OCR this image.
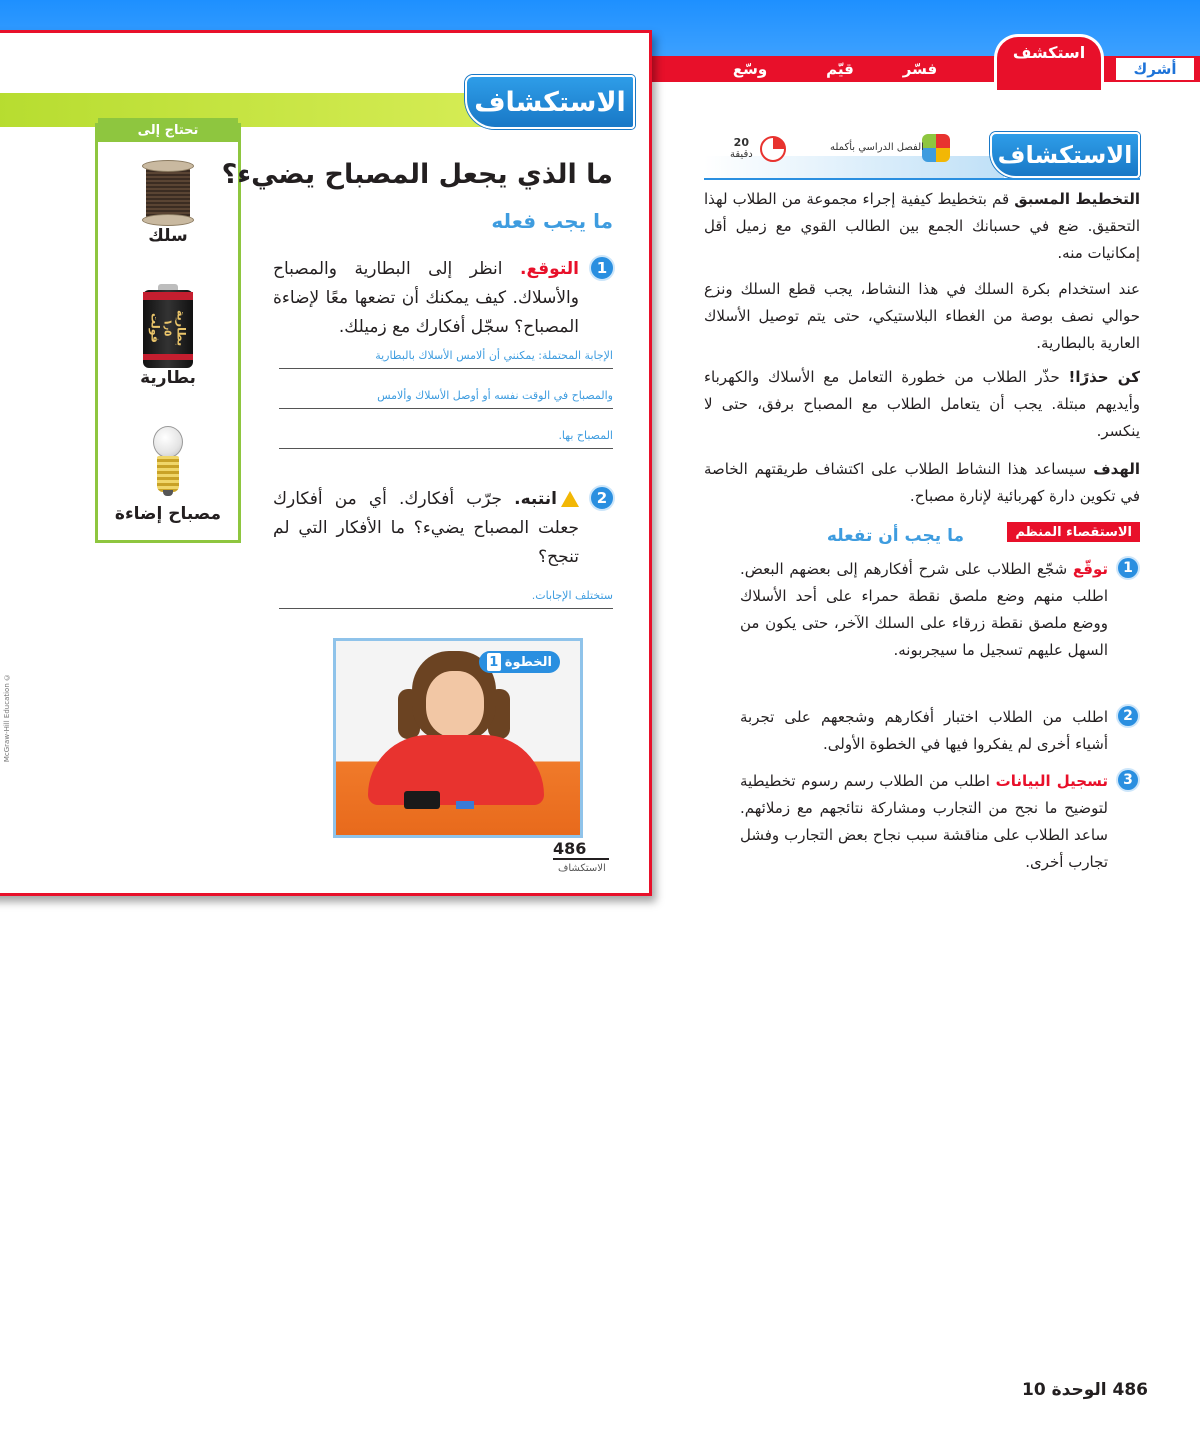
أشرك
استكشف
فسّر
قيّم
وسّع
الاستكشاف
تحتاج إلى
سلك
بطارية ١٫٥ فولت
بطارية
مصباح إضاءة
ما الذي يجعل المصباح يضيء؟
ما يجب فعله
1
التوقع. انظر إلى البطارية والمصباح والأسلاك. كيف يمكنك أن تضعها معًا لإضاءة المصباح؟ سجّل أفكارك مع زميلك.
الإجابة المحتملة: يمكنني أن ألامس الأسلاك بالبطارية
والمصباح في الوقت نفسه أو أوصل الأسلاك وألامس
المصباح بها.
2
انتبه. جرّب أفكارك. أي من أفكارك جعلت المصباح يضيء؟ ما الأفكار التي لم تنجح؟
ستختلف الإجابات.
الخطوة
1
© McGraw-Hill Education
486
الاستكشاف
الاستكشاف
20
دقيقة
الفصل الدراسي بأكمله
التخطيط المسبق قم بتخطيط كيفية إجراء مجموعة من الطلاب لهذا التحقيق. ضع في حسبانك الجمع بين الطالب القوي مع زميل أقل إمكانيات منه.
عند استخدام بكرة السلك في هذا النشاط، يجب قطع السلك ونزع حوالي نصف بوصة من الغطاء البلاستيكي، حتى يتم توصيل الأسلاك العارية بالبطارية.
كن حذرًا! حذّر الطلاب من خطورة التعامل مع الأسلاك والكهرباء وأيديهم مبتلة. يجب أن يتعامل الطلاب مع المصباح برفق، حتى لا ينكسر.
الهدف سيساعد هذا النشاط الطلاب على اكتشاف طريقتهم الخاصة في تكوين دارة كهربائية لإنارة مصباح.
الاستقصاء المنظم
ما يجب أن تفعله
1
توقّع شجّع الطلاب على شرح أفكارهم إلى بعضهم البعض. اطلب منهم وضع ملصق نقطة حمراء على أحد الأسلاك ووضع ملصق نقطة زرقاء على السلك الآخر، حتى يكون من السهل عليهم تسجيل ما سيجربونه.
2
اطلب من الطلاب اختبار أفكارهم وشجعهم على تجربة أشياء أخرى لم يفكروا فيها في الخطوة الأولى.
3
تسجيل البيانات اطلب من الطلاب رسم رسوم تخطيطية لتوضيح ما نجح من التجارب ومشاركة نتائجهم مع زملائهم. ساعد الطلاب على مناقشة سبب نجاح بعض التجارب وفشل تجارب أخرى.
486 الوحدة 10
